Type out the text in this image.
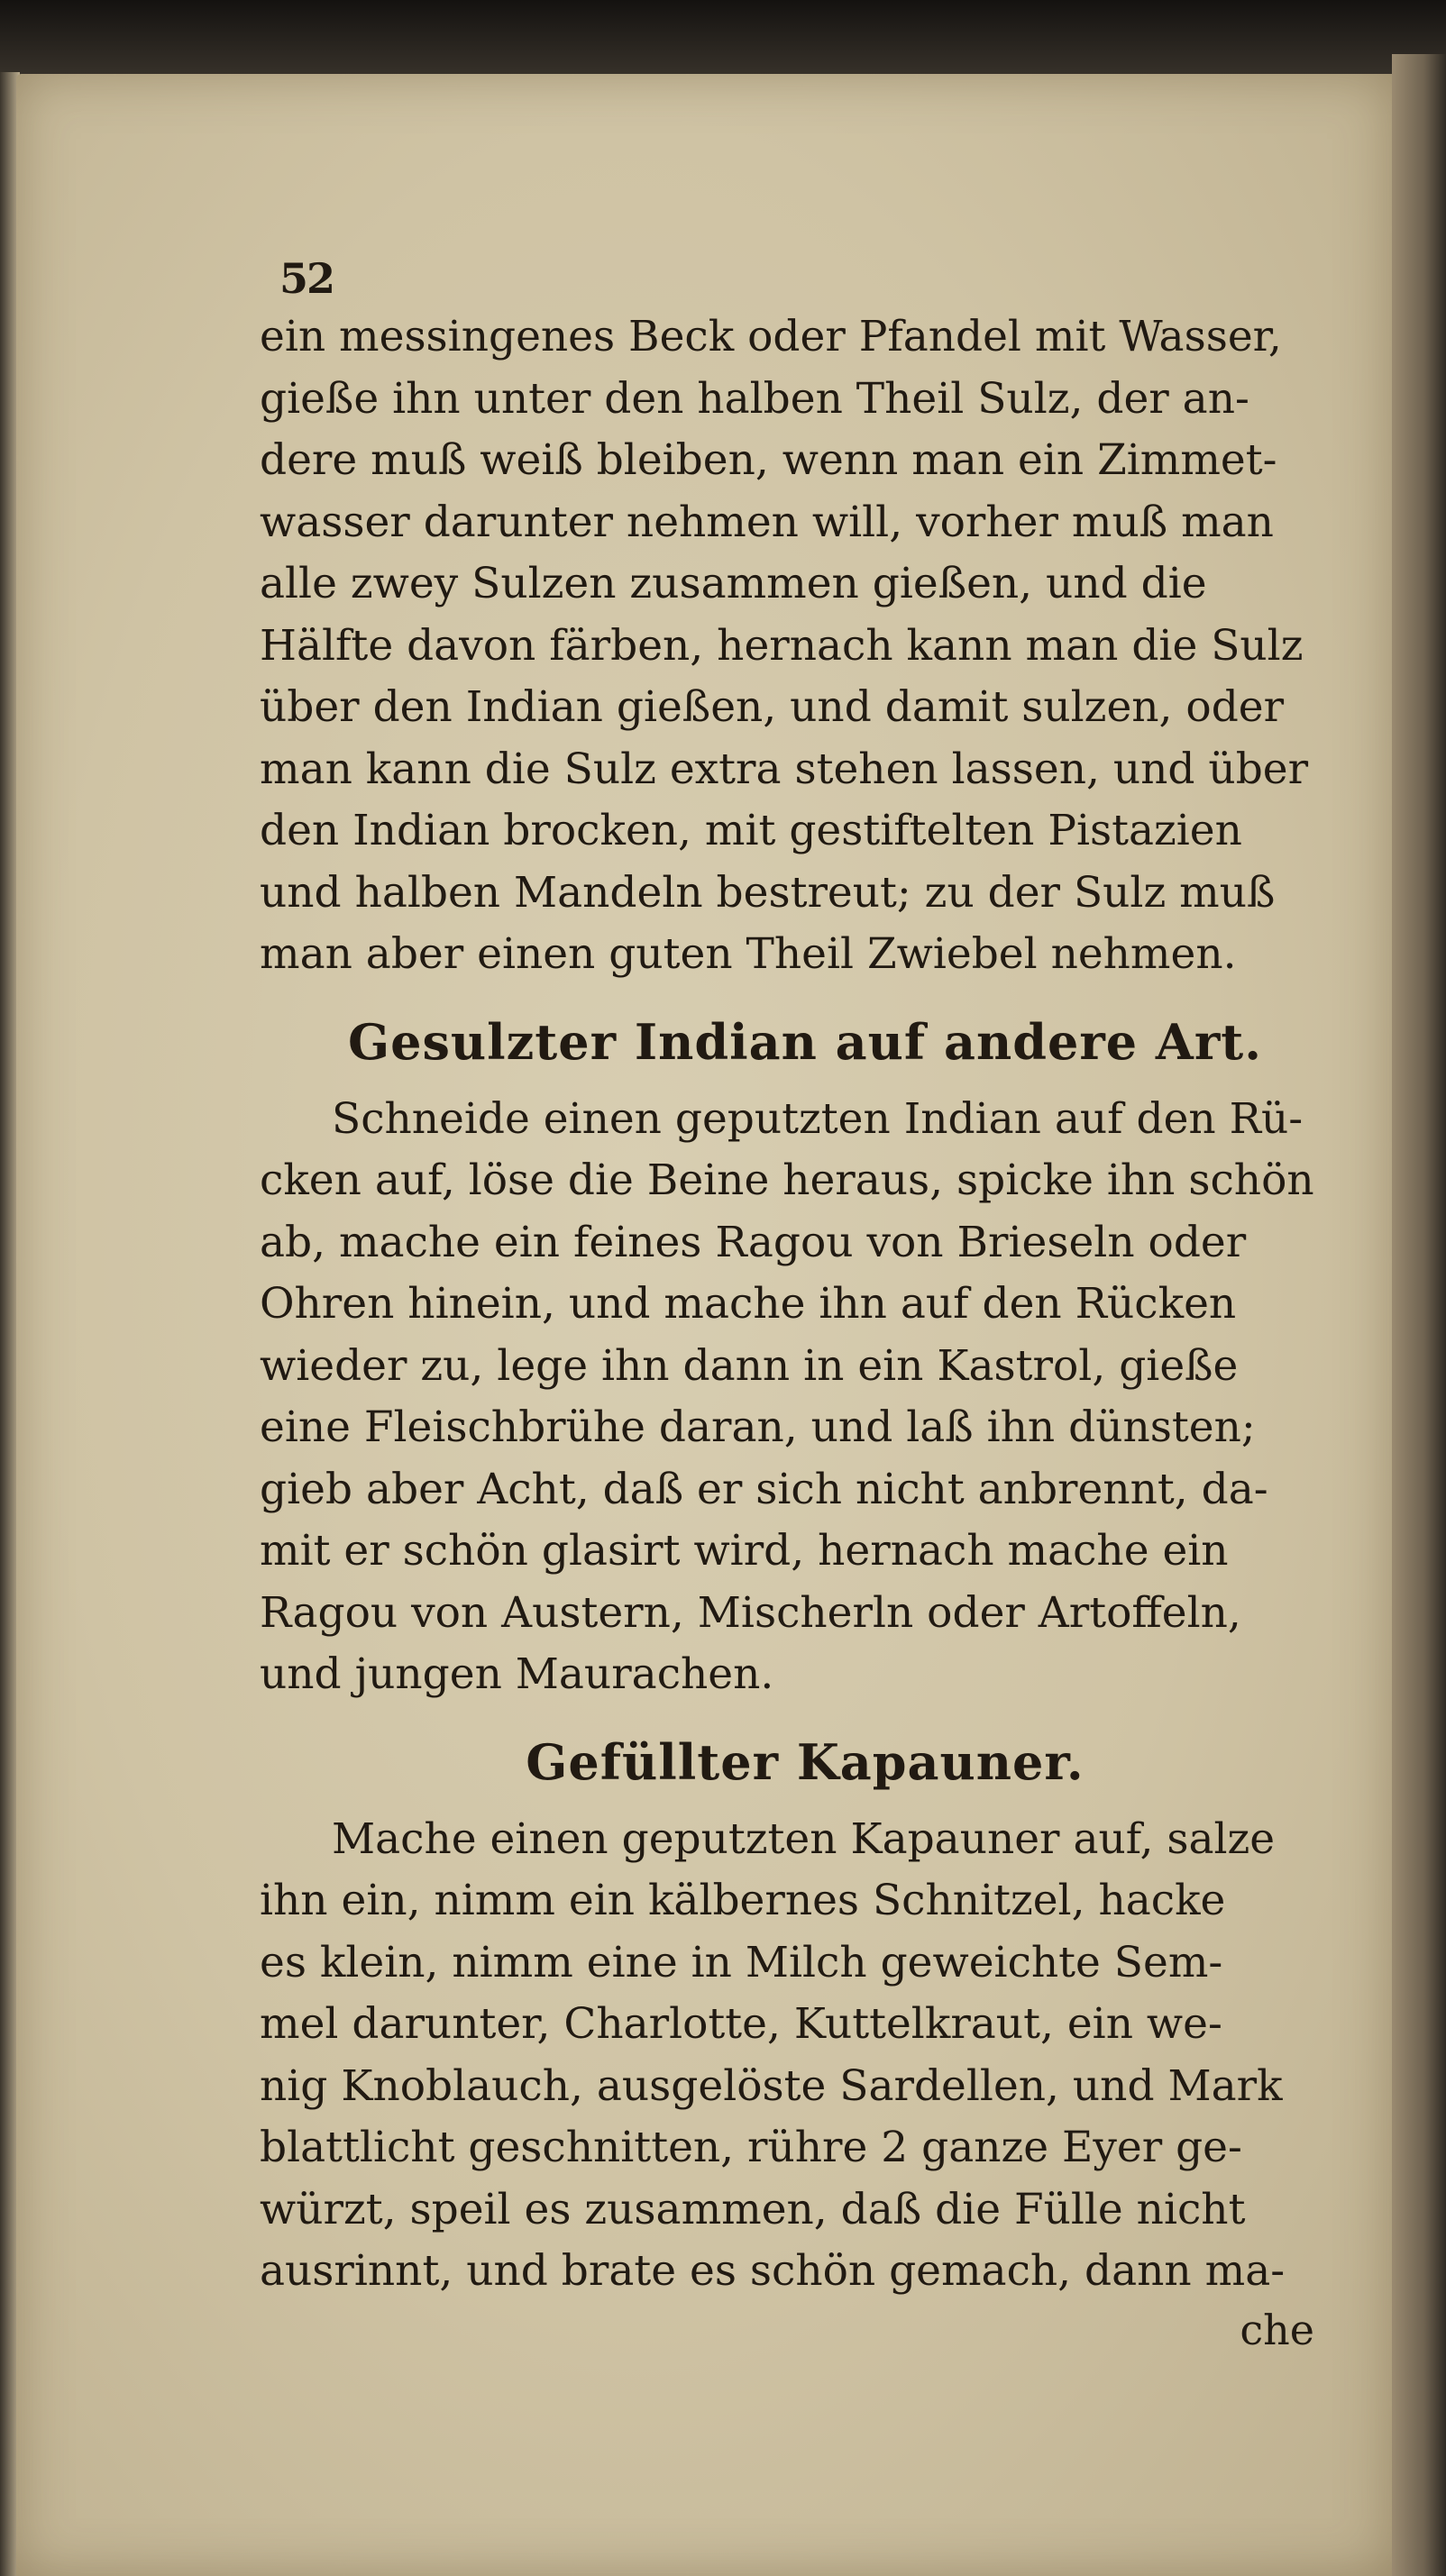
52

ein messingenes Beck oder Pfandel mit Wasser,
gieße ihn unter den halben Theil Sulz, der an-
dere muß weiß bleiben, wenn man ein Zimmet-
wasser darunter nehmen will, vorher muß man
alle zwey Sulzen zusammen gießen, und die
Hälfte davon färben, hernach kann man die Sulz
über den Indian gießen, und damit sulzen, oder
man kann die Sulz extra stehen lassen, und über
den Indian brocken, mit gestiftelten Pistazien
und halben Mandeln bestreut; zu der Sulz muß
man aber einen guten Theil Zwiebel nehmen.

Gesulzter Indian auf andere Art.

Schneide einen geputzten Indian auf den Rü-
cken auf, löse die Beine heraus, spicke ihn schön
ab, mache ein feines Ragou von Brieseln oder
Ohren hinein, und mache ihn auf den Rücken
wieder zu, lege ihn dann in ein Kastrol, gieße
eine Fleischbrühe daran, und laß ihn dünsten;
gieb aber Acht, daß er sich nicht anbrennt, da-
mit er schön glasirt wird, hernach mache ein
Ragou von Austern, Mischerln oder Artoffeln,
und jungen Maurachen.

Gefüllter Kapauner.

Mache einen geputzten Kapauner auf, salze
ihn ein, nimm ein kälbernes Schnitzel, hacke
es klein, nimm eine in Milch geweichte Sem-
mel darunter, Charlotte, Kuttelkraut, ein we-
nig Knoblauch, ausgelöste Sardellen, und Mark
blattlicht geschnitten, rühre 2 ganze Eyer ge-
würzt, speil es zusammen, daß die Fülle nicht
ausrinnt, und brate es schön gemach, dann ma-

che
